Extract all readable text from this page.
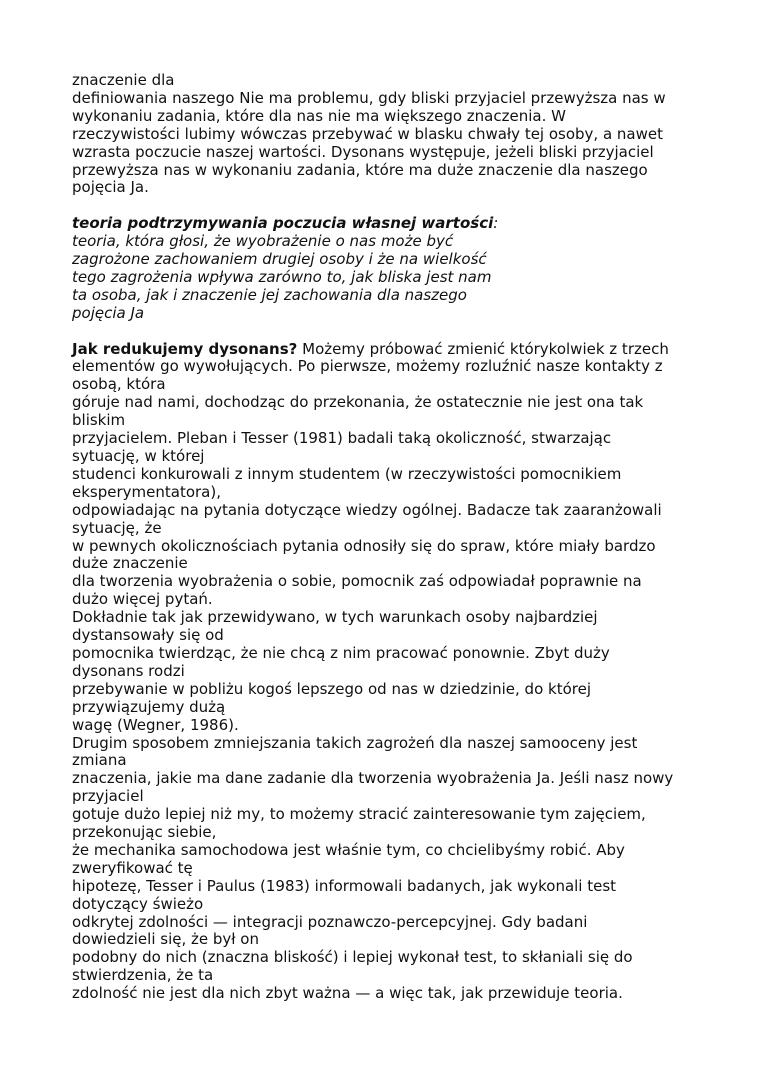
znaczenie dla
definiowania naszego Nie ma problemu, gdy bliski przyjaciel przewyższa nas w
wykonaniu zadania, które dla nas nie ma większego znaczenia. W
rzeczywistości lubimy wówczas przebywać w blasku chwały tej osoby, a nawet
wzrasta poczucie naszej wartości. Dysonans występuje, jeżeli bliski przyjaciel
przewyższa nas w wykonaniu zadania, które ma duże znaczenie dla naszego
pojęcia Ja.
teoria podtrzymywania poczucia własnej wartości:
teoria, która głosi, że wyobrażenie o nas może być
zagrożone zachowaniem drugiej osoby i że na wielkość
tego zagrożenia wpływa zarówno to, jak bliska jest nam
ta osoba, jak i znaczenie jej zachowania dla naszego
pojęcia Ja
Jak redukujemy dysonans? Możemy próbować zmienić którykolwiek z trzech
elementów go wywołujących. Po pierwsze, możemy rozluźnić nasze kontakty z
osobą, która
góruje nad nami, dochodząc do przekonania, że ostatecznie nie jest ona tak
bliskim
przyjacielem. Pleban i Tesser (1981) badali taką okoliczność, stwarzając
sytuację, w której
studenci konkurowali z innym studentem (w rzeczywistości pomocnikiem
eksperymentatora),
odpowiadając na pytania dotyczące wiedzy ogólnej. Badacze tak zaaranżowali
sytuację, że
w pewnych okolicznościach pytania odnosiły się do spraw, które miały bardzo
duże znaczenie
dla tworzenia wyobrażenia o sobie, pomocnik zaś odpowiadał poprawnie na
dużo więcej pytań.
Dokładnie tak jak przewidywano, w tych warunkach osoby najbardziej
dystansowały się od
pomocnika twierdząc, że nie chcą z nim pracować ponownie. Zbyt duży
dysonans rodzi
przebywanie w pobliżu kogoś lepszego od nas w dziedzinie, do której
przywiązujemy dużą
wagę (Wegner, 1986).
Drugim sposobem zmniejszania takich zagrożeń dla naszej samooceny jest
zmiana
znaczenia, jakie ma dane zadanie dla tworzenia wyobrażenia Ja. Jeśli nasz nowy
przyjaciel
gotuje dużo lepiej niż my, to możemy stracić zainteresowanie tym zajęciem,
przekonując siebie,
że mechanika samochodowa jest właśnie tym, co chcielibyśmy robić. Aby
zweryfikować tę
hipotezę, Tesser i Paulus (1983) informowali badanych, jak wykonali test
dotyczący świeżo
odkrytej zdolności — integracji poznawczo-percepcyjnej. Gdy badani
dowiedzieli się, że był on
podobny do nich (znaczna bliskość) i lepiej wykonał test, to skłaniali się do
stwierdzenia, że ta
zdolność nie jest dla nich zbyt ważna — a więc tak, jak przewiduje teoria.
